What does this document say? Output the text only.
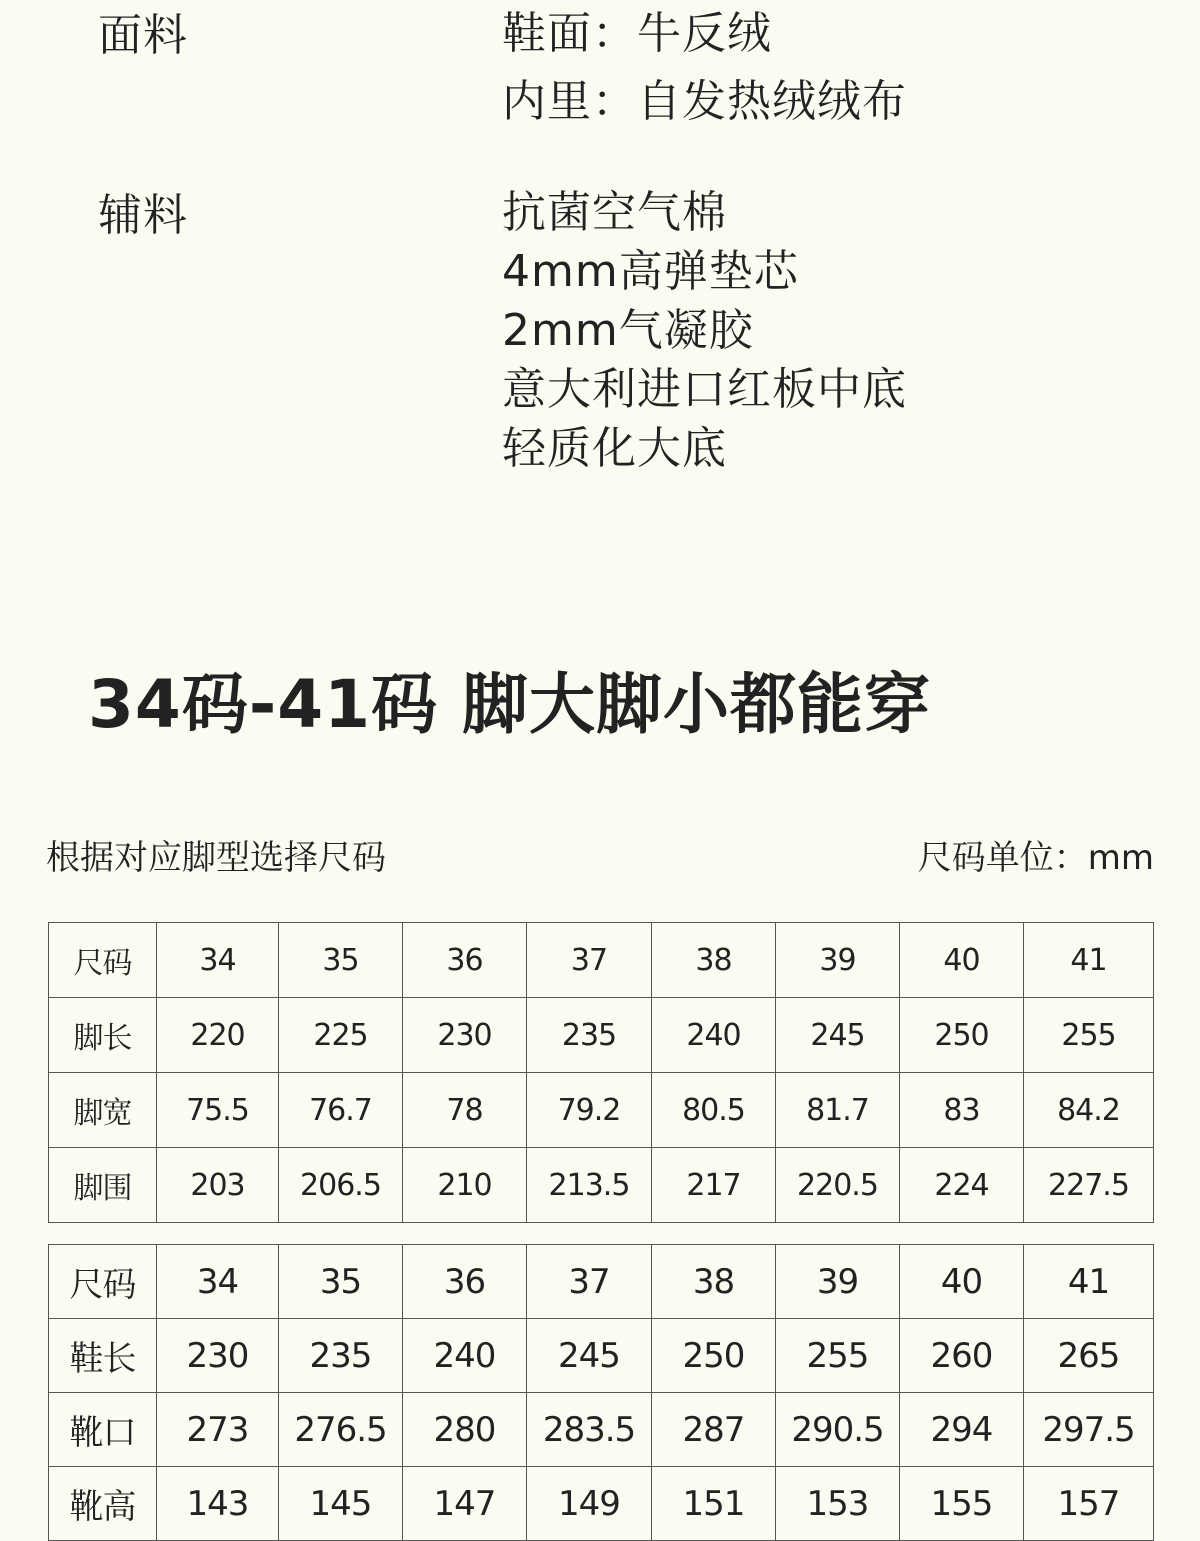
面料	鞋面：牛反绒
内里：自发热绒绒布
辅料	抗菌空气棉
4mm高弹垫芯
2mm气凝胶
意大利进口红板中底
轻质化大底
34码-41码 脚大脚小都能穿
根据对应脚型选择尺码	尺码单位：mm
尺码	34	35	36	37	38	39	40	41
脚长	220	225	230	235	240	245	250	255
脚宽	75.5	76.7	78	79.2	80.5	81.7	83	84.2
脚围	203	206.5	210	213.5	217	220.5	224	227.5
尺码	34	35	36	37	38	39	40	41
鞋长	230	235	240	245	250	255	260	265
靴口	273	276.5	280	283.5	287	290.5	294	297.5
靴高	143	145	147	149	151	153	155	157
